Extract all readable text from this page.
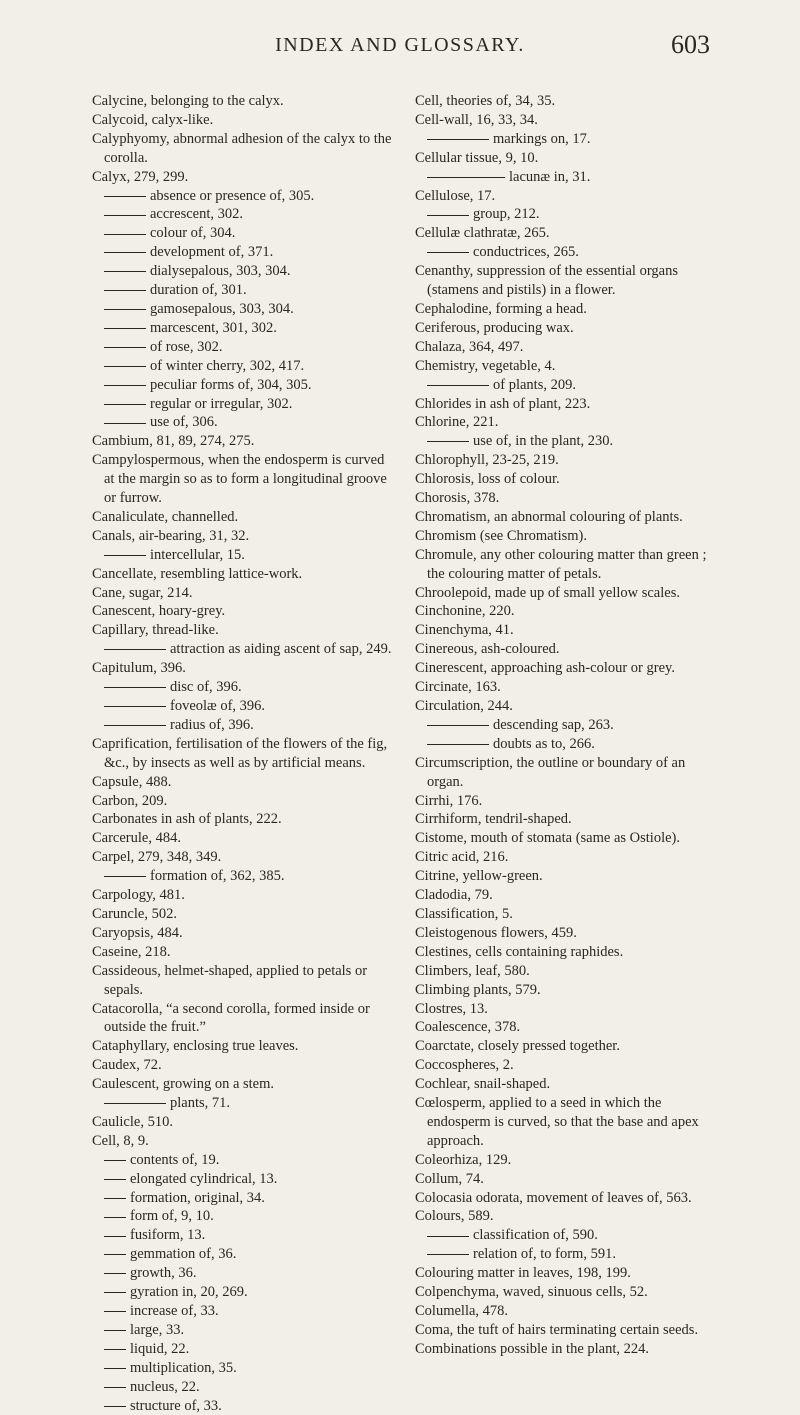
INDEX AND GLOSSARY.	603
Calycine, belonging to the calyx.
Calycoid, calyx-like.
Calyphyomy, abnormal adhesion of the calyx to the corolla.
Calyx, 279, 299.
absence or presence of, 305.
accrescent, 302.
colour of, 304.
development of, 371.
dialysepalous, 303, 304.
duration of, 301.
gamosepalous, 303, 304.
marcescent, 301, 302.
of rose, 302.
of winter cherry, 302, 417.
peculiar forms of, 304, 305.
regular or irregular, 302.
use of, 306.
Cambium, 81, 89, 274, 275.
Campylospermous, when the endosperm is curved at the margin so as to form a longitudinal groove or furrow.
Canaliculate, channelled.
Canals, air-bearing, 31, 32.
intercellular, 15.
Cancellate, resembling lattice-work.
Cane, sugar, 214.
Canescent, hoary-grey.
Capillary, thread-like.
attraction as aiding ascent of sap, 249.
Capitulum, 396.
disc of, 396.
foveolæ of, 396.
radius of, 396.
Caprification, fertilisation of the flowers of the fig, &c., by insects as well as by artificial means.
Capsule, 488.
Carbon, 209.
Carbonates in ash of plants, 222.
Carcerule, 484.
Carpel, 279, 348, 349.
formation of, 362, 385.
Carpology, 481.
Caruncle, 502.
Caryopsis, 484.
Caseine, 218.
Cassideous, helmet-shaped, applied to petals or sepals.
Catacorolla, “a second corolla, formed inside or outside the fruit.”
Cataphyllary, enclosing true leaves.
Caudex, 72.
Caulescent, growing on a stem.
plants, 71.
Caulicle, 510.
Cell, 8, 9.
contents of, 19.
elongated cylindrical, 13.
formation, original, 34.
form of, 9, 10.
fusiform, 13.
gemmation of, 36.
growth, 36.
gyration in, 20, 269.
increase of, 33.
large, 33.
liquid, 22.
multiplication, 35.
nucleus, 22.
structure of, 33.
Cell, theories of, 34, 35.
Cell-wall, 16, 33, 34.
markings on, 17.
Cellular tissue, 9, 10.
lacunæ in, 31.
Cellulose, 17.
group, 212.
Cellulæ clathratæ, 265.
conductrices, 265.
Cenanthy, suppression of the essential organs (stamens and pistils) in a flower.
Cephalodine, forming a head.
Ceriferous, producing wax.
Chalaza, 364, 497.
Chemistry, vegetable, 4.
of plants, 209.
Chlorides in ash of plant, 223.
Chlorine, 221.
use of, in the plant, 230.
Chlorophyll, 23-25, 219.
Chlorosis, loss of colour.
Chorosis, 378.
Chromatism, an abnormal colouring of plants.
Chromism (see Chromatism).
Chromule, any other colouring matter than green ; the colouring matter of petals.
Chroolepoid, made up of small yellow scales.
Cinchonine, 220.
Cinenchyma, 41.
Cinereous, ash-coloured.
Cinerescent, approaching ash-colour or grey.
Circinate, 163.
Circulation, 244.
descending sap, 263.
doubts as to, 266.
Circumscription, the outline or boundary of an organ.
Cirrhi, 176.
Cirrhiform, tendril-shaped.
Cistome, mouth of stomata (same as Ostiole).
Citric acid, 216.
Citrine, yellow-green.
Cladodia, 79.
Classification, 5.
Cleistogenous flowers, 459.
Clestines, cells containing raphides.
Climbers, leaf, 580.
Climbing plants, 579.
Clostres, 13.
Coalescence, 378.
Coarctate, closely pressed together.
Coccospheres, 2.
Cochlear, snail-shaped.
Cœlosperm, applied to a seed in which the endosperm is curved, so that the base and apex approach.
Coleorhiza, 129.
Collum, 74.
Colocasia odorata, movement of leaves of, 563.
Colours, 589.
classification of, 590.
relation of, to form, 591.
Colouring matter in leaves, 198, 199.
Colpenchyma, waved, sinuous cells, 52.
Columella, 478.
Coma, the tuft of hairs terminating certain seeds.
Combinations possible in the plant, 224.
